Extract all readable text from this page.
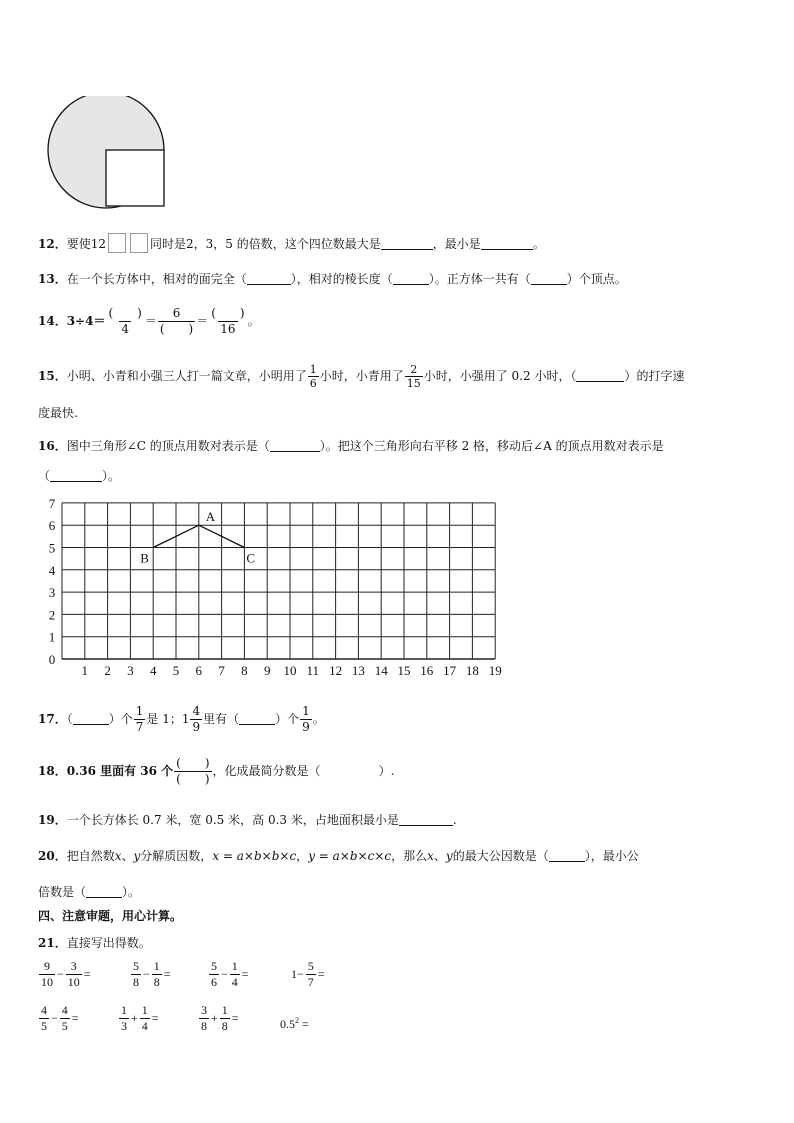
12．要使12	同时是2，3，5 的倍数，这个四位数最大是	，最小是	。
13．在一个长方体中，相对的面完全（	），相对的棱长度（	）。正方体一共有（	）个顶点。
14．$3\div 4= \frac{( )}{4} = \frac{6}{( )} = \frac{( )}{16}$ 。
15．小明、小青和小强三人打一篇文章，小明用了 $\frac{1}{6}$ 小时，小青用了 $\frac{2}{15}$ 小时，小强用了 0.2 小时，（	）的打字速
度最快.
16．图中三角形∠C 的顶点用数对表示是（	）。把这个三角形向右平移 2 格，移动后∠A 的顶点用数对表示是
（	）。
1 2 3 4 5 6 7 8 9 10 11 12 13 14 15 16 17 18 19
0
1
2
3
4
5
6
7
A
B	C
17．（	）个 $\frac{1}{7}$ 是 1；$1 \frac{4}{9}$ 里有（	）个 $\frac{1}{9}$ 。
18．0.36 里面有 36 个 $\frac{( )}{( )}$ ，化成最简分数是（	）.
19．一个长方体长 0.7 米，宽 0.5 米，高 0.3 米，占地面积最小是	.
20．把自然数x、y分解质因数，x = a×b×b×c，y = a×b×c×c，那么x、y的最大公因数是（	），最小公
倍数是（	）。
四、注意审题，用心计算。
21．直接写出得数。
$\frac{9}{10} - \frac{3}{10}$ =	$\frac{5}{8} - \frac{1}{8}$ =	$\frac{5}{6} - \frac{1}{4}$ =	$1- \frac{5}{7}$ =
$\frac{4}{5} - \frac{4}{5}$ =	$\frac{1}{3} + \frac{1}{4}$ =	$\frac{3}{8} + \frac{1}{8}$ =	$0.5^2$ =
